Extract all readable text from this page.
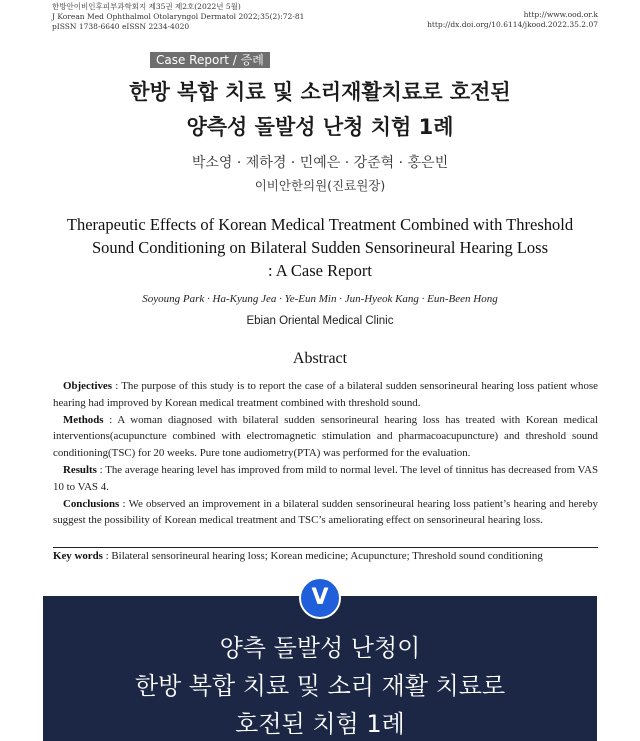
한방안이비인후피부과학회지 제35권 제2호(2022년 5월)
J Korean Med Ophthalmol Otolaryngol Dermatol 2022;35(2):72-81
pISSN 1738-6640 eISSN 2234-4020
http://www.ood.or.k
http://dx.doi.org/10.6114/jkood.2022.35.2.07
Case Report / 증례
한방 복합 치료 및 소리재활치료로 호전된
양측성 돌발성 난청 치험 1례
박소영 · 제하경 · 민예은 · 강준혁 · 홍은빈
이비안한의원(진료원장)
Therapeutic Effects of Korean Medical Treatment Combined with Threshold
Sound Conditioning on Bilateral Sudden Sensorineural Hearing Loss
: A Case Report
Soyoung Park · Ha-Kyung Jea · Ye-Eun Min · Jun-Hyeok Kang · Eun-Been Hong
Ebian Oriental Medical Clinic
Abstract

Objectives : The purpose of this study is to report the case of a bilateral sudden sensorineural hearing loss patient whose hearing had improved by Korean medical treatment combined with threshold sound.

Methods : A woman diagnosed with bilateral sudden sensorineural hearing loss has treated with Korean medical interventions(acupuncture combined with electromagnetic stimulation and pharmacoacupuncture) and threshold sound conditioning(TSC) for 20 weeks. Pure tone audiometry(PTA) was performed for the evaluation.

Results : The average hearing level has improved from mild to normal level. The level of tinnitus has decreased from VAS 10 to VAS 4.

Conclusions : We observed an improvement in a bilateral sudden sensorineural hearing loss patient’s hearing and hereby suggest the possibility of Korean medical treatment and TSC’s ameliorating effect on sensorineural hearing loss.

Key words : Bilateral sensorineural hearing loss; Korean medicine; Acupuncture; Threshold sound conditioning
V
양측 돌발성 난청이
한방 복합 치료 및 소리 재활 치료로
호전된 치험 1례
